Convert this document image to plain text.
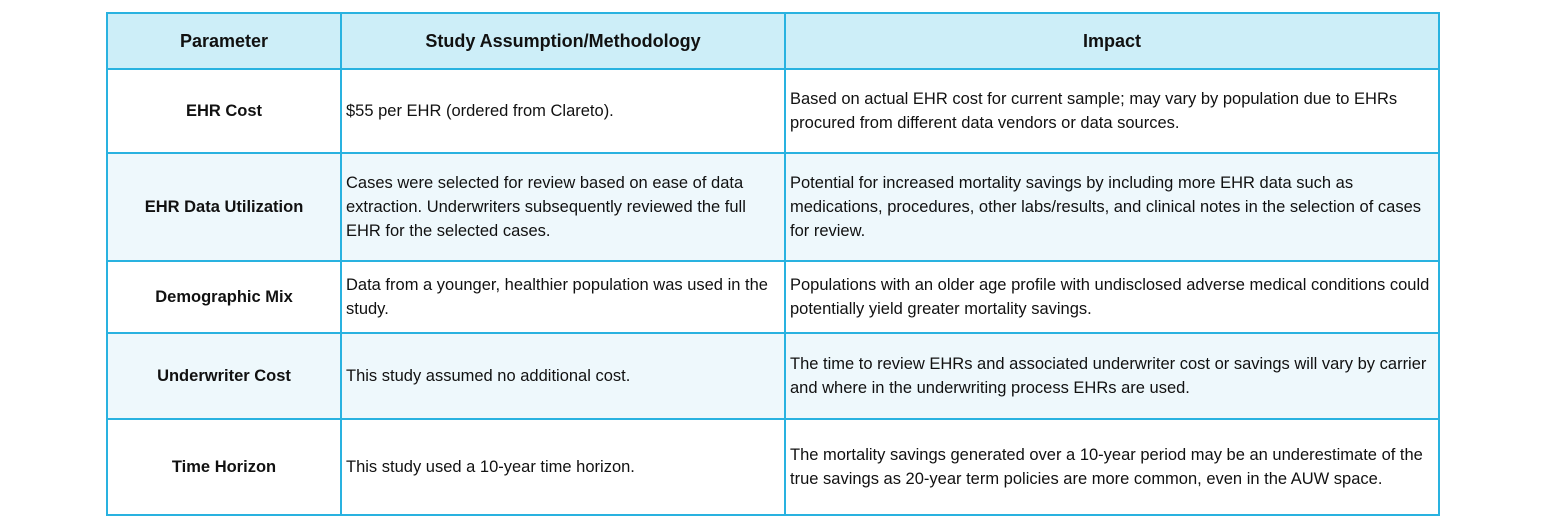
Parameter	Study Assumption/Methodology	Impact
EHR Cost	$55 per EHR (ordered from Clareto).	Based on actual EHR cost for current sample; may vary by population due to EHRs procured from different data vendors or data sources.
EHR Data Utilization	Cases were selected for review based on ease of data extraction. Underwriters subsequently reviewed the full EHR for the selected cases.	Potential for increased mortality savings by including more EHR data such as medications, procedures, other labs/results, and clinical notes in the selection of cases for review.
Demographic Mix	Data from a younger, healthier population was used in the study.	Populations with an older age profile with undisclosed adverse medical conditions could potentially yield greater mortality savings.
Underwriter Cost	This study assumed no additional cost.	The time to review EHRs and associated underwriter cost or savings will vary by carrier and where in the underwriting process EHRs are used.
Time Horizon	This study used a 10-year time horizon.	The mortality savings generated over a 10-year period may be an underestimate of the true savings as 20-year term policies are more common, even in the AUW space.
